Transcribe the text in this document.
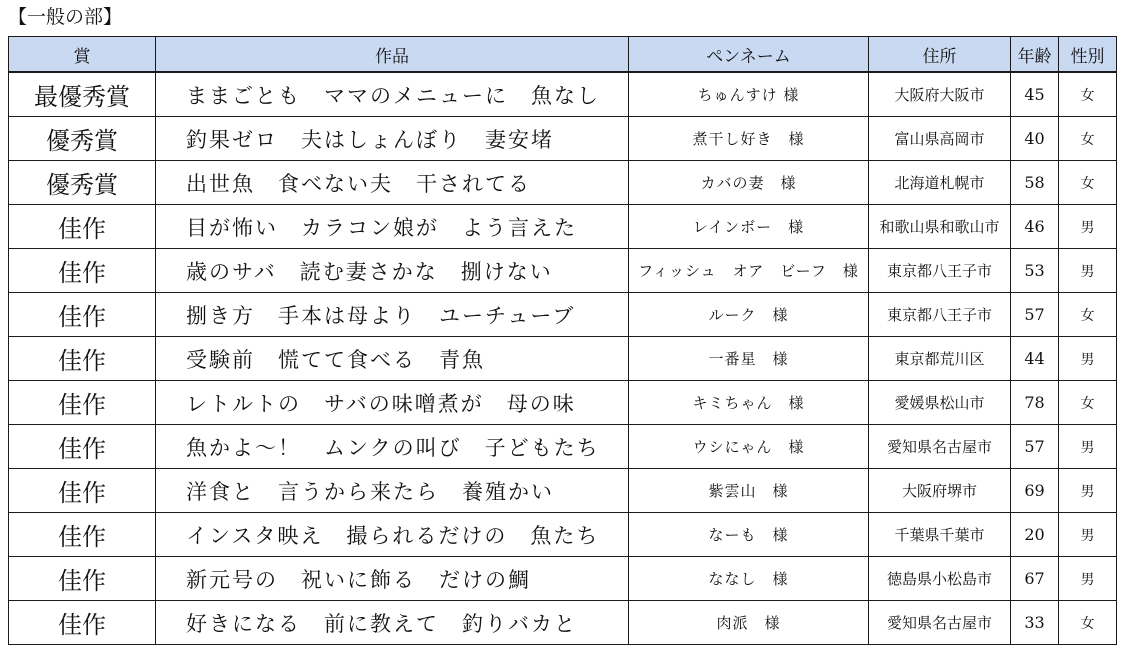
【一般の部】
賞	作品	ペンネーム	住所	年齢	性別
最優秀賞	ままごとも　ママのメニューに　魚なし	ちゅんすけ 様	大阪府大阪市	45	女
優秀賞	釣果ゼロ　夫はしょんぼり　妻安堵	煮干し好き　様	富山県高岡市	40	女
優秀賞	出世魚　食べない夫　干されてる	カバの妻　様	北海道札幌市	58	女
佳作	目が怖い　カラコン娘が　よう言えた	レインボー　様	和歌山県和歌山市	46	男
佳作	歳のサバ　読む妻さかな　捌けない	フィッシュ　オア　ビーフ　様	東京都八王子市	53	男
佳作	捌き方　手本は母より　ユーチューブ	ルーク　様	東京都八王子市	57	女
佳作	受験前　慌てて食べる　青魚	一番星　様	東京都荒川区	44	男
佳作	レトルトの　サバの味噌煮が　母の味	キミちゃん　様	愛媛県松山市	78	女
佳作	魚かよ～！　ムンクの叫び　子どもたち	ウシにゃん　様	愛知県名古屋市	57	男
佳作	洋食と　言うから来たら　養殖かい	紫雲山　様	大阪府堺市	69	男
佳作	インスタ映え　撮られるだけの　魚たち	なーも　様	千葉県千葉市	20	男
佳作	新元号の　祝いに飾る　だけの鯛	ななし　様	徳島県小松島市	67	男
佳作	好きになる　前に教えて　釣りバカと	肉派　様	愛知県名古屋市	33	女
